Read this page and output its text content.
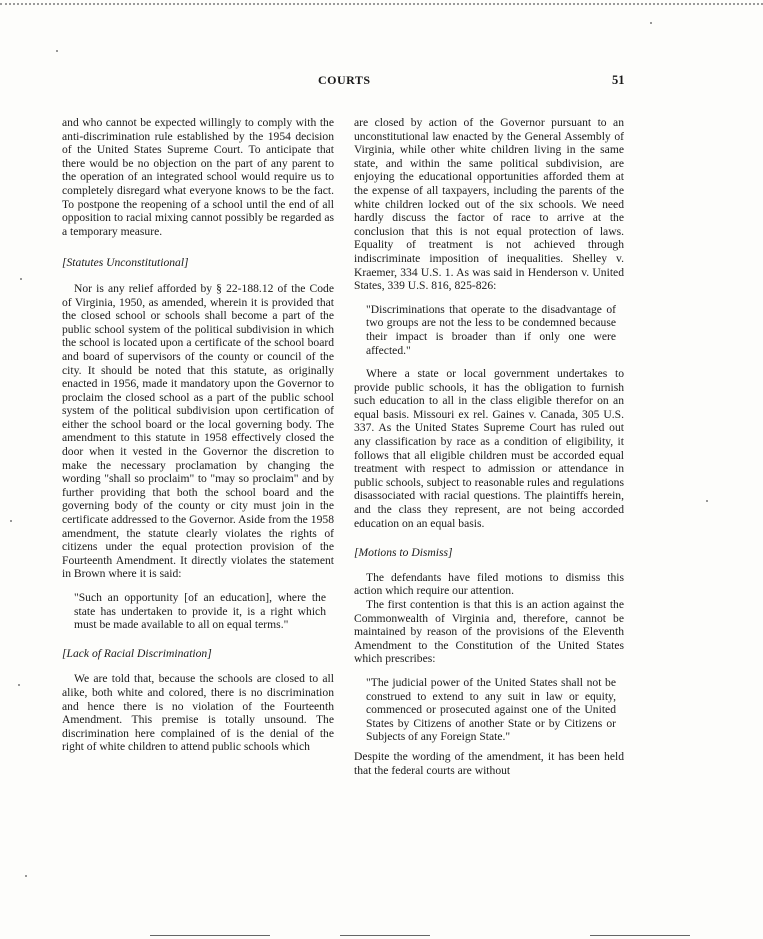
COURTS	51

and who cannot be expected willingly to comply with the anti-discrimination rule established by the 1954 decision of the United States Supreme Court. To anticipate that there would be no objection on the part of any parent to the operation of an integrated school would require us to completely disregard what everyone knows to be the fact. To postpone the reopening of a school until the end of all opposition to racial mixing cannot possibly be regarded as a temporary measure.

[Statutes Unconstitutional]

Nor is any relief afforded by § 22-188.12 of the Code of Virginia, 1950, as amended, wherein it is provided that the closed school or schools shall become a part of the public school system of the political subdivision in which the school is located upon a certificate of the school board and board of supervisors of the county or council of the city. It should be noted that this statute, as originally enacted in 1956, made it mandatory upon the Governor to proclaim the closed school as a part of the public school system of the political subdivision upon certification of either the school board or the local governing body. The amendment to this statute in 1958 effectively closed the door when it vested in the Governor the discretion to make the necessary proclamation by changing the wording "shall so proclaim" to "may so proclaim" and by further providing that both the school board and the governing body of the county or city must join in the certificate addressed to the Governor. Aside from the 1958 amendment, the statute clearly violates the rights of citizens under the equal protection provision of the Fourteenth Amendment. It directly violates the statement in Brown where it is said:

"Such an opportunity [of an education], where the state has undertaken to provide it, is a right which must be made available to all on equal terms."

[Lack of Racial Discrimination]

We are told that, because the schools are closed to all alike, both white and colored, there is no discrimination and hence there is no violation of the Fourteenth Amendment. This premise is totally unsound. The discrimination here complained of is the denial of the right of white children to attend public schools which

are closed by action of the Governor pursuant to an unconstitutional law enacted by the General Assembly of Virginia, while other white children living in the same state, and within the same political subdivision, are enjoying the educational opportunities afforded them at the expense of all taxpayers, including the parents of the white children locked out of the six schools. We need hardly discuss the factor of race to arrive at the conclusion that this is not equal protection of laws. Equality of treatment is not achieved through indiscriminate imposition of inequalities. Shelley v. Kraemer, 334 U.S. 1. As was said in Henderson v. United States, 339 U.S. 816, 825-826:

"Discriminations that operate to the disadvantage of two groups are not the less to be condemned because their impact is broader than if only one were affected."

Where a state or local government undertakes to provide public schools, it has the obligation to furnish such education to all in the class eligible therefor on an equal basis. Missouri ex rel. Gaines v. Canada, 305 U.S. 337. As the United States Supreme Court has ruled out any classification by race as a condition of eligibility, it follows that all eligible children must be accorded equal treatment with respect to admission or attendance in public schools, subject to reasonable rules and regulations disassociated with racial questions. The plaintiffs herein, and the class they represent, are not being accorded education on an equal basis.

[Motions to Dismiss]

The defendants have filed motions to dismiss this action which require our attention.

The first contention is that this is an action against the Commonwealth of Virginia and, therefore, cannot be maintained by reason of the provisions of the Eleventh Amendment to the Constitution of the United States which prescribes:

"The judicial power of the United States shall not be construed to extend to any suit in law or equity, commenced or prosecuted against one of the United States by Citizens of another State or by Citizens or Subjects of any Foreign State."

Despite the wording of the amendment, it has been held that the federal courts are without
